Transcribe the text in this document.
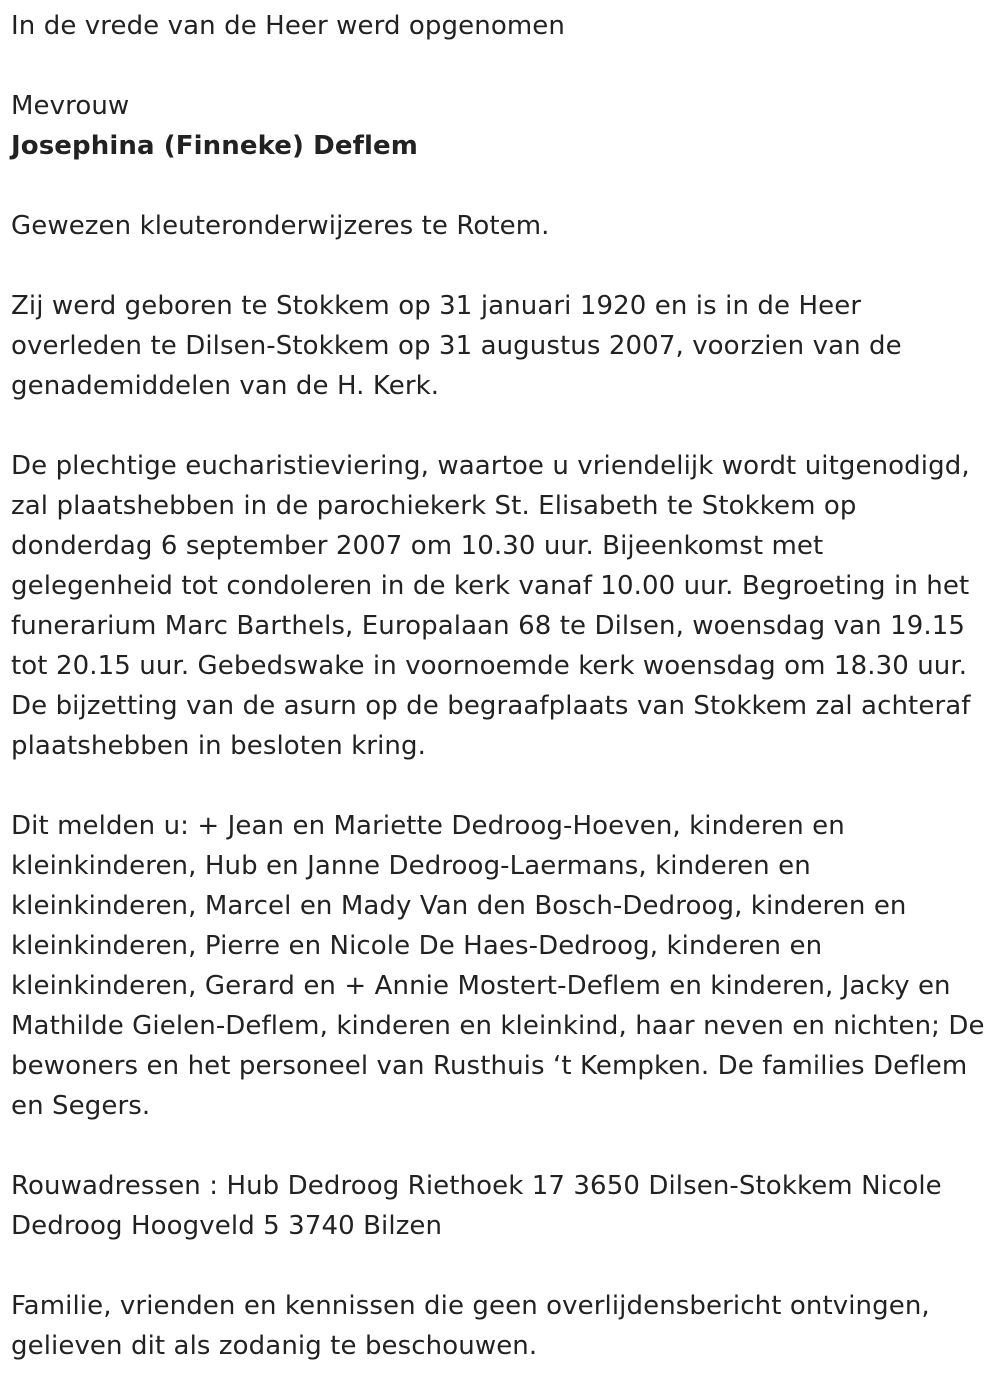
In de vrede van de Heer werd opgenomen

Mevrouw

Josephina (Finneke) Deflem

Gewezen kleuteronderwijzeres te Rotem.

Zij werd geboren te Stokkem op 31 januari 1920 en is in de Heer
overleden te Dilsen-Stokkem op 31 augustus 2007, voorzien van de
genademiddelen van de H. Kerk.

De plechtige eucharistieviering, waartoe u vriendelijk wordt uitgenodigd,
zal plaatshebben in de parochiekerk St. Elisabeth te Stokkem op
donderdag 6 september 2007 om 10.30 uur. Bijeenkomst met
gelegenheid tot condoleren in de kerk vanaf 10.00 uur. Begroeting in het
funerarium Marc Barthels, Europalaan 68 te Dilsen, woensdag van 19.15
tot 20.15 uur. Gebedswake in voornoemde kerk woensdag om 18.30 uur.
De bijzetting van de asurn op de begraafplaats van Stokkem zal achteraf
plaatshebben in besloten kring.

Dit melden u: + Jean en Mariette Dedroog-Hoeven, kinderen en
kleinkinderen, Hub en Janne Dedroog-Laermans, kinderen en
kleinkinderen, Marcel en Mady Van den Bosch-Dedroog, kinderen en
kleinkinderen, Pierre en Nicole De Haes-Dedroog, kinderen en
kleinkinderen, Gerard en + Annie Mostert-Deflem en kinderen, Jacky en
Mathilde Gielen-Deflem, kinderen en kleinkind, haar neven en nichten; De
bewoners en het personeel van Rusthuis ‘t Kempken. De families Deflem
en Segers.

Rouwadressen : Hub Dedroog Riethoek 17 3650 Dilsen-Stokkem Nicole
Dedroog Hoogveld 5 3740 Bilzen

Familie, vrienden en kennissen die geen overlijdensbericht ontvingen,
gelieven dit als zodanig te beschouwen.
